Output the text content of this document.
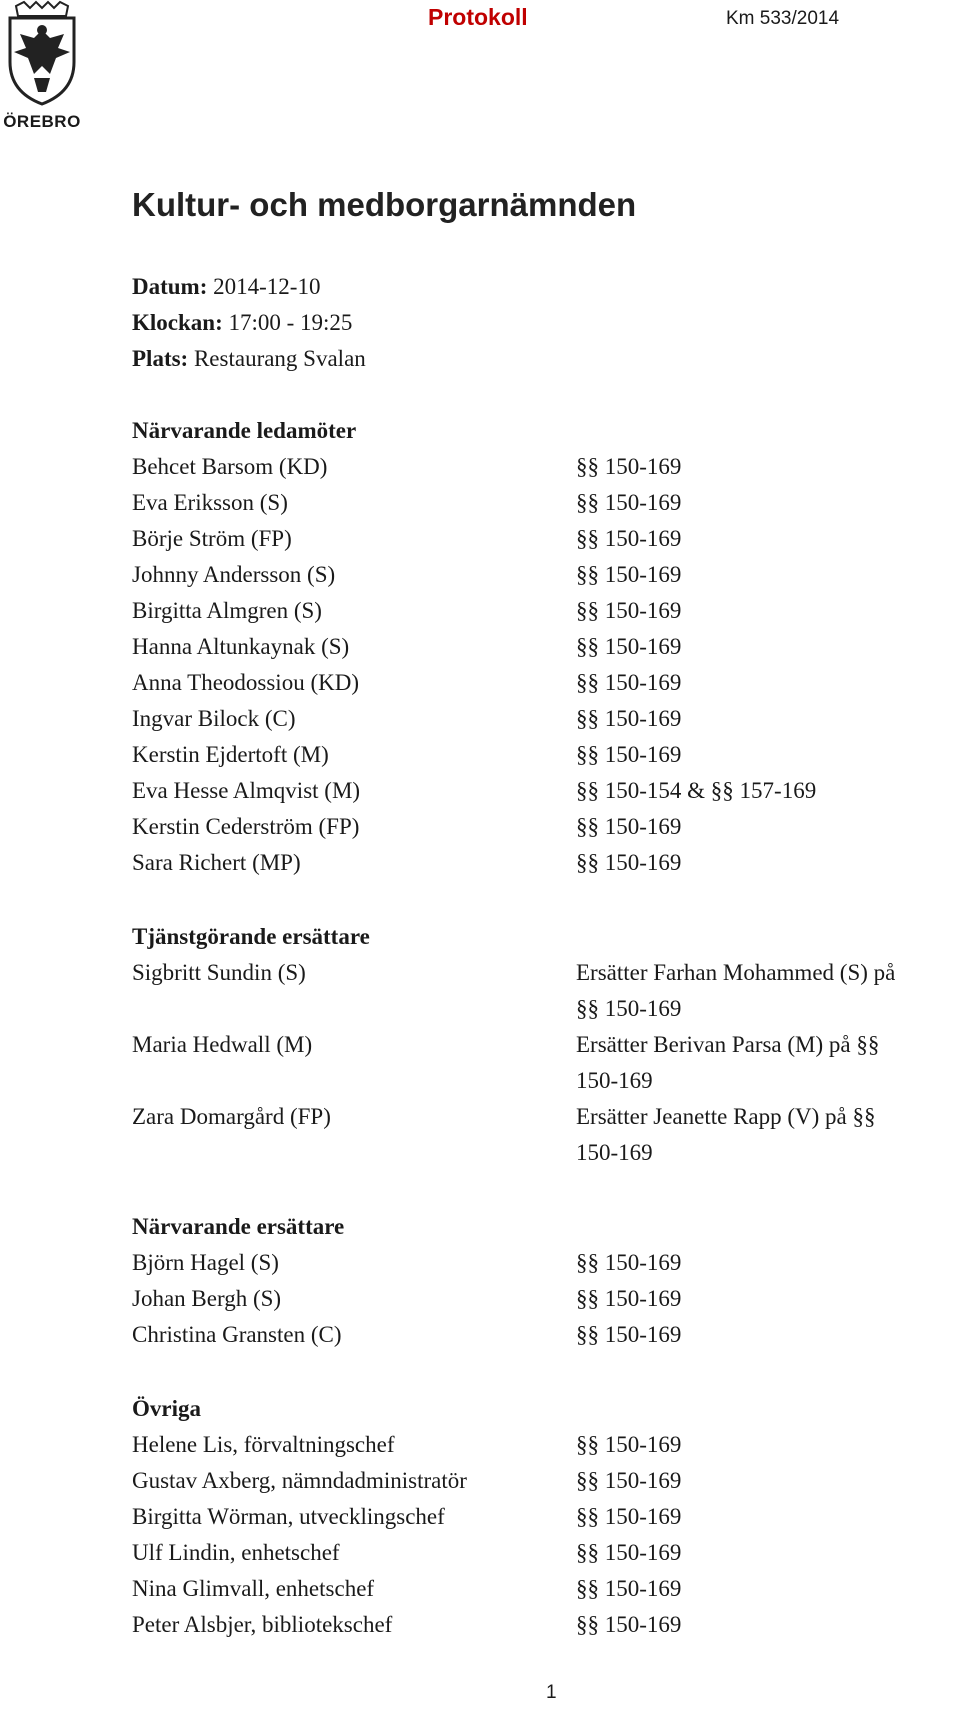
ÖREBRO
Protokoll	Km 533/2014
Kultur- och medborgarnämnden
Datum: 2014-12-10
Klockan: 17:00 - 19:25
Plats: Restaurang Svalan
Närvarande ledamöter
Behcet Barsom (KD)	§§ 150-169
Eva Eriksson (S)	§§ 150-169
Börje Ström (FP)	§§ 150-169
Johnny Andersson (S)	§§ 150-169
Birgitta Almgren (S)	§§ 150-169
Hanna Altunkaynak (S)	§§ 150-169
Anna Theodossiou (KD)	§§ 150-169
Ingvar Bilock (C)	§§ 150-169
Kerstin Ejdertoft (M)	§§ 150-169
Eva Hesse Almqvist (M)	§§ 150-154 & §§ 157-169
Kerstin Cederström (FP)	§§ 150-169
Sara Richert (MP)	§§ 150-169
Tjänstgörande ersättare
Sigbritt Sundin (S)	Ersätter Farhan Mohammed (S) på
§§ 150-169
Maria Hedwall (M)	Ersätter Berivan Parsa (M) på §§
150-169
Zara Domargård (FP)	Ersätter Jeanette Rapp (V) på §§
150-169
Närvarande ersättare
Björn Hagel (S)	§§ 150-169
Johan Bergh (S)	§§ 150-169
Christina Gransten (C)	§§ 150-169
Övriga
Helene Lis, förvaltningschef	§§ 150-169
Gustav Axberg, nämndadministratör	§§ 150-169
Birgitta Wörman, utvecklingschef	§§ 150-169
Ulf Lindin, enhetschef	§§ 150-169
Nina Glimvall, enhetschef	§§ 150-169
Peter Alsbjer, bibliotekschef	§§ 150-169
1
